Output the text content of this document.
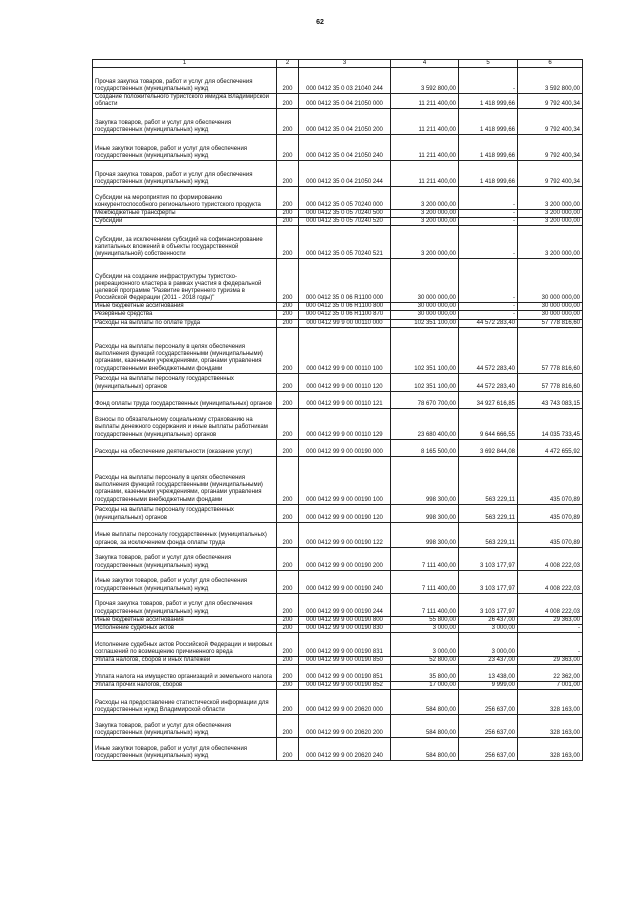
62
1	2	3	4	5	6
Прочая закупка товаров, работ и услуг для обеспечения государственных (муниципальных) нужд	200	000 0412 35 0 03 21040 244	3 592 800,00	-	3 592 800,00
Создание положительного туристского имиджа Владимирской области	200	000 0412 35 0 04 21050 000	11 211 400,00	1 418 999,66	9 792 400,34
Закупка товаров, работ и услуг для обеспечения государственных (муниципальных) нужд	200	000 0412 35 0 04 21050 200	11 211 400,00	1 418 999,66	9 792 400,34
Иные закупки товаров, работ и услуг для обеспечения государственных (муниципальных) нужд	200	000 0412 35 0 04 21050 240	11 211 400,00	1 418 999,66	9 792 400,34
Прочая закупка товаров, работ и услуг для обеспечения государственных (муниципальных) нужд	200	000 0412 35 0 04 21050 244	11 211 400,00	1 418 999,66	9 792 400,34
Субсидии на мероприятия по формированию конкурентоспособного регионального туристского продукта	200	000 0412 35 0 05 70240 000	3 200 000,00	-	3 200 000,00
Межбюджетные трансферты	200	000 0412 35 0 05 70240 500	3 200 000,00	-	3 200 000,00
Субсидии	200	000 0412 35 0 05 70240 520	3 200 000,00	-	3 200 000,00
Субсидии, за исключением субсидий на софинансирование капитальных вложений в объекты государственной (муниципальной) собственности	200	000 0412 35 0 05 70240 521	3 200 000,00	-	3 200 000,00
Субсидии на создание инфраструктуры туристско-рекреационного кластера в рамках участия в федеральной целевой программе "Развитие внутреннего туризма в Российской Федерации (2011 - 2018 годы)"	200	000 0412 35 0 06 R1100 000	30 000 000,00	-	30 000 000,00
Иные бюджетные ассигнования	200	000 0412 35 0 06 R1100 800	30 000 000,00	-	30 000 000,00
Резервные средства	200	000 0412 35 0 06 R1100 870	30 000 000,00	-	30 000 000,00
Расходы на выплаты по оплате труда	200	000 0412 99 9 00 00110 000	102 351 100,00	44 572 283,40	57 778 816,60
Расходы на выплаты персоналу в целях обеспечения выполнения функций государственными (муниципальными) органами, казенными учреждениями, органами управления государственными внебюджетными фондами	200	000 0412 99 9 00 00110 100	102 351 100,00	44 572 283,40	57 778 816,60
Расходы на выплаты персоналу государственных (муниципальных) органов	200	000 0412 99 9 00 00110 120	102 351 100,00	44 572 283,40	57 778 816,60
Фонд оплаты труда государственных (муниципальных) органов	200	000 0412 99 9 00 00110 121	78 670 700,00	34 927 616,85	43 743 083,15
Взносы по обязательному социальному страхованию на выплаты денежного содержания и иные выплаты работникам государственных (муниципальных) органов	200	000 0412 99 9 00 00110 129	23 680 400,00	9 644 666,55	14 035 733,45
Расходы на обеспечение деятельности (оказание услуг)	200	000 0412 99 9 00 00190 000	8 165 500,00	3 692 844,08	4 472 655,92
Расходы на выплаты персоналу в целях обеспечения выполнения функций государственными (муниципальными) органами, казенными учреждениями, органами управления государственными внебюджетными фондами	200	000 0412 99 9 00 00190 100	998 300,00	563 229,11	435 070,89
Расходы на выплаты персоналу государственных (муниципальных) органов	200	000 0412 99 9 00 00190 120	998 300,00	563 229,11	435 070,89
Иные выплаты персоналу государственных (муниципальных) органов, за исключением фонда оплаты труда	200	000 0412 99 9 00 00190 122	998 300,00	563 229,11	435 070,89
Закупка товаров, работ и услуг для обеспечения государственных (муниципальных) нужд	200	000 0412 99 9 00 00190 200	7 111 400,00	3 103 177,97	4 008 222,03
Иные закупки товаров, работ и услуг для обеспечения государственных (муниципальных) нужд	200	000 0412 99 9 00 00190 240	7 111 400,00	3 103 177,97	4 008 222,03
Прочая закупка товаров, работ и услуг для обеспечения государственных (муниципальных) нужд	200	000 0412 99 9 00 00190 244	7 111 400,00	3 103 177,97	4 008 222,03
Иные бюджетные ассигнования	200	000 0412 99 9 00 00190 800	55 800,00	26 437,00	29 363,00
Исполнение судебных актов	200	000 0412 99 9 00 00190 830	3 000,00	3 000,00	-
Исполнение судебных актов Российской Федерации и мировых соглашений по возмещению причиненного вреда	200	000 0412 99 9 00 00190 831	3 000,00	3 000,00	-
Уплата налогов, сборов и иных платежей	200	000 0412 99 9 00 00190 850	52 800,00	23 437,00	29 363,00
Уплата налога на имущество организаций и земельного налога	200	000 0412 99 9 00 00190 851	35 800,00	13 438,00	22 362,00
Уплата прочих налогов, сборов	200	000 0412 99 9 00 00190 852	17 000,00	9 999,00	7 001,00
Расходы на предоставление статистической информации для государственных нужд Владимирской области	200	000 0412 99 9 00 20620 000	584 800,00	256 637,00	328 163,00
Закупка товаров, работ и услуг для обеспечения государственных (муниципальных) нужд	200	000 0412 99 9 00 20620 200	584 800,00	256 637,00	328 163,00
Иные закупки товаров, работ и услуг для обеспечения государственных (муниципальных) нужд	200	000 0412 99 9 00 20620 240	584 800,00	256 637,00	328 163,00
